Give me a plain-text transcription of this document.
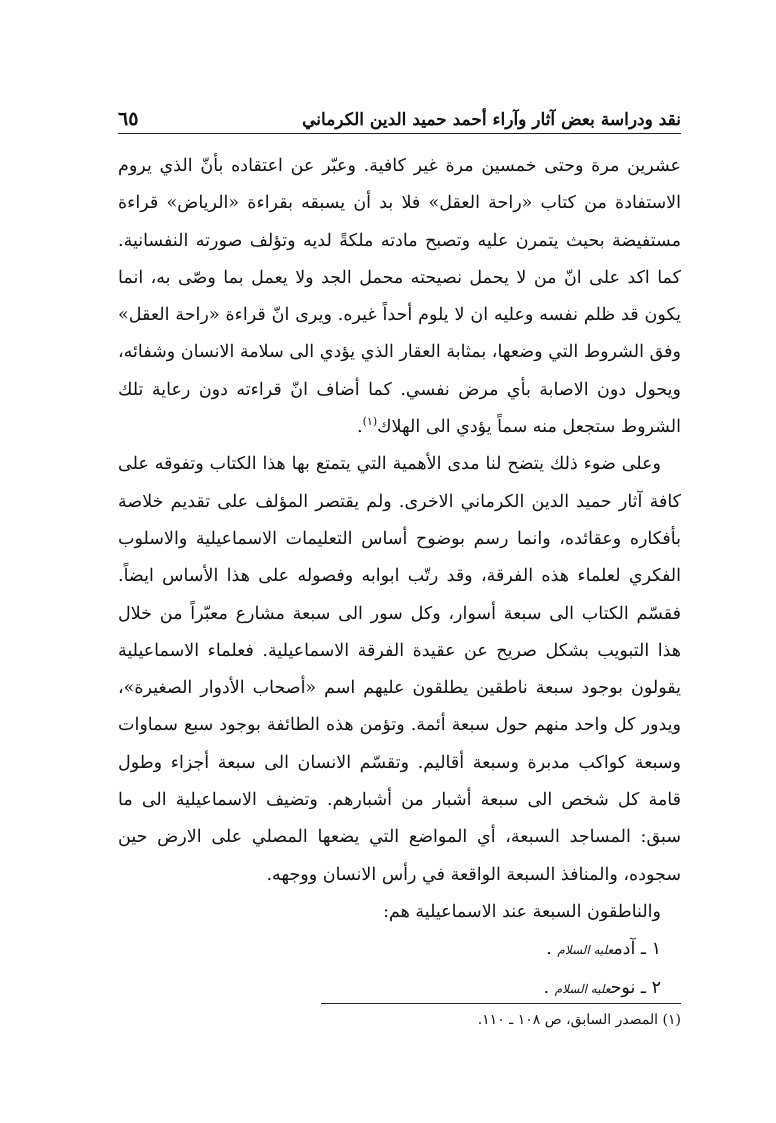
٦٥	نقد ودراسة بعض آثار وآراء أحمد حميد الدين الكرماني

عشرين مرة وحتى خمسين مرة غير كافية. وعبّر عن اعتقاده بأنّ الذي يروم الاستفادة من كتاب «راحة العقل» فلا بد أن يسبقه بقراءة «الرياض» قراءة مستفيضة بحيث يتمرن عليه وتصبح مادته ملكةً لديه وتؤلف صورته النفسانية. كما اكد على انّ من لا يحمل نصيحته محمل الجد ولا يعمل بما وصّى به، انما يكون قد ظلم نفسه وعليه ان لا يلوم أحداً غيره. ويرى انّ قراءة «راحة العقل» وفق الشروط التي وضعها، بمثابة العقار الذي يؤدي الى سلامة الانسان وشفائه، ويحول دون الاصابة بأي مرض نفسي. كما أضاف انّ قراءته دون رعاية تلك الشروط ستجعل منه سماً يؤدي الى الهلاك$^{(١)}$.

وعلى ضوء ذلك يتضح لنا مدى الأهمية التي يتمتع بها هذا الكتاب وتفوقه على كافة آثار حميد الدين الكرماني الاخرى. ولم يقتصر المؤلف على تقديم خلاصة بأفكاره وعقائده، وانما رسم بوضوح أساس التعليمات الاسماعيلية والاسلوب الفكري لعلماء هذه الفرقة، وقد رتّب ابوابه وفصوله على هذا الأساس ايضاً. فقسّم الكتاب الى سبعة أسوار، وكل سور الى سبعة مشارع معبّراً من خلال هذا التبويب بشكل صريح عن عقيدة الفرقة الاسماعيلية. فعلماء الاسماعيلية يقولون بوجود سبعة ناطقين يطلقون عليهم اسم «أصحاب الأدوار الصغيرة»، ويدور كل واحد منهم حول سبعة أئمة. وتؤمن هذه الطائفة بوجود سبع سماوات وسبعة كواكب مدبرة وسبعة أقاليم. وتقسّم الانسان الى سبعة أجزاء وطول قامة كل شخص الى سبعة أشبار من أشبارهم. وتضيف الاسماعيلية الى ما سبق: المساجد السبعة، أي المواضع التي يضعها المصلي على الارض حين سجوده، والمنافذ السبعة الواقعة في رأس الانسان ووجهه.

والناطقون السبعة عند الاسماعيلية هم:

١ ـ آدمعليه السلام .

٢ ـ نوحعليه السلام .

(١) المصدر السابق، ص ١٠٨ ـ ١١٠.
